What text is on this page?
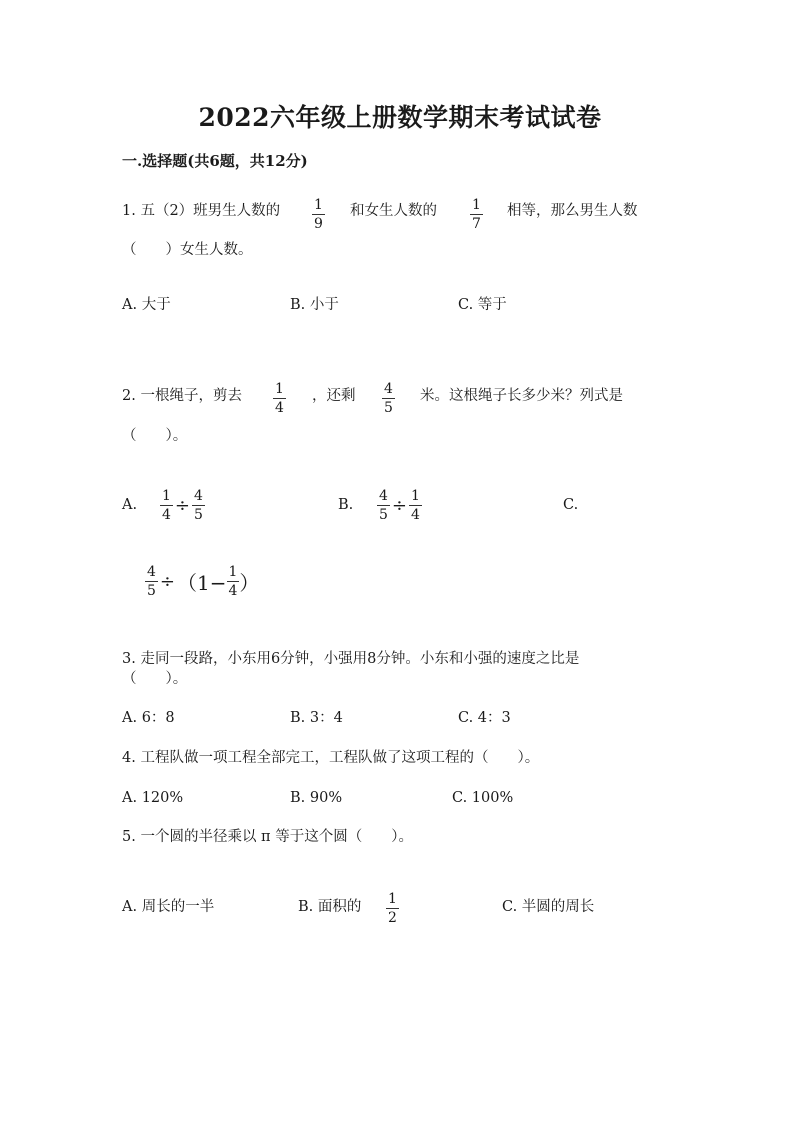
2022六年级上册数学期末考试试卷
一.选择题(共6题，共12分)
1. 五（2）班男生人数的 1
9
和女生人数的	1
7
相等，那么男生人数
（　　）女生人数。
A. 大于	B. 小于	C. 等于
2. 一根绳子，剪去 1
4
，还剩 4
5
米。这根绳子长多少米？列式是
（　　）。
A. $\frac{1}{4} \div \frac{4}{5}$	B. $\frac{4}{5} \div \frac{1}{4}$	C.
$\frac{4}{5} \div (1- \frac{1}{4}$ ）
3. 走同一段路，小东用6分钟，小强用8分钟。小东和小强的速度之比是
（　　）。
A. 6：8	B. 3：4	C. 4：3
4. 工程队做一项工程全部完工，工程队做了这项工程的（　　）。
A. 120%	B. 90%	C. 100%
5. 一个圆的半径乘以 π 等于这个圆（　　）。
A. 周长的一半	B. 面积的 1
2
C. 半圆的周长
